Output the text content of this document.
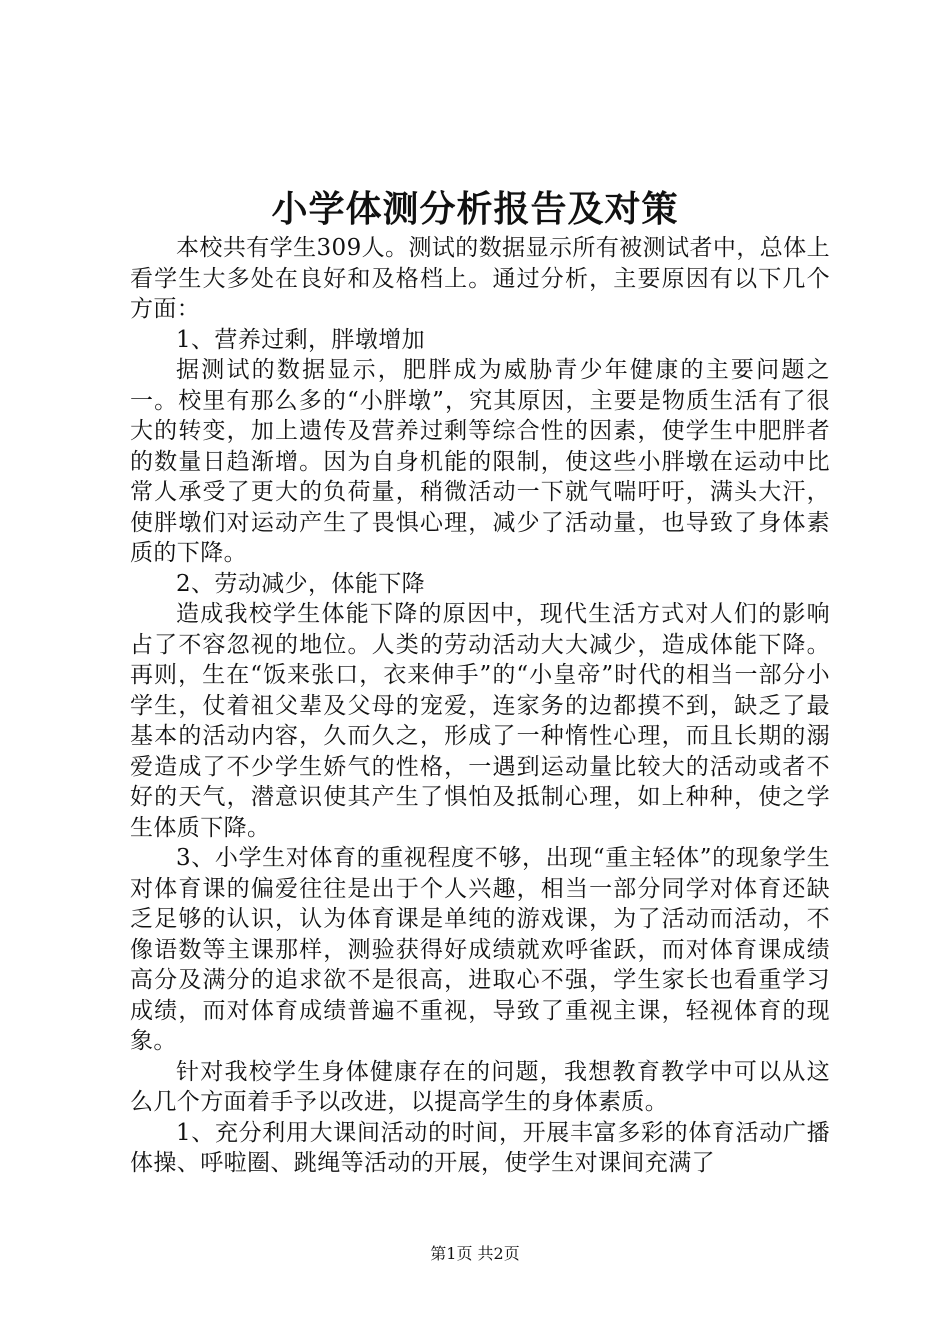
小学体测分析报告及对策

本校共有学生309人。测试的数据显示所有被测试者中，总体上看学生大多处在良好和及格档上。通过分析，主要原因有以下几个方面：

1、营养过剩，胖墩增加

据测试的数据显示，肥胖成为威胁青少年健康的主要问题之一。校里有那么多的“小胖墩”，究其原因，主要是物质生活有了很大的转变，加上遗传及营养过剩等综合性的因素，使学生中肥胖者的数量日趋渐增。因为自身机能的限制，使这些小胖墩在运动中比常人承受了更大的负荷量，稍微活动一下就气喘吁吁，满头大汗，使胖墩们对运动产生了畏惧心理，减少了活动量，也导致了身体素质的下降。

2、劳动减少，体能下降

造成我校学生体能下降的原因中，现代生活方式对人们的影响占了不容忽视的地位。人类的劳动活动大大减少，造成体能下降。再则，生在“饭来张口，衣来伸手”的“小皇帝”时代的相当一部分小学生，仗着祖父辈及父母的宠爱，连家务的边都摸不到，缺乏了最基本的活动内容，久而久之，形成了一种惰性心理，而且长期的溺爱造成了不少学生娇气的性格，一遇到运动量比较大的活动或者不好的天气，潜意识使其产生了惧怕及抵制心理，如上种种，使之学生体质下降。

3、小学生对体育的重视程度不够，出现“重主轻体”的现象学生对体育课的偏爱往往是出于个人兴趣，相当一部分同学对体育还缺乏足够的认识，认为体育课是单纯的游戏课，为了活动而活动，不像语数等主课那样，测验获得好成绩就欢呼雀跃，而对体育课成绩高分及满分的追求欲不是很高，进取心不强，学生家长也看重学习成绩，而对体育成绩普遍不重视，导致了重视主课，轻视体育的现象。

针对我校学生身体健康存在的问题，我想教育教学中可以从这么几个方面着手予以改进，以提高学生的身体素质。

1、充分利用大课间活动的时间，开展丰富多彩的体育活动广播体操、呼啦圈、跳绳等活动的开展，使学生对课间充满了

第1页 共2页
